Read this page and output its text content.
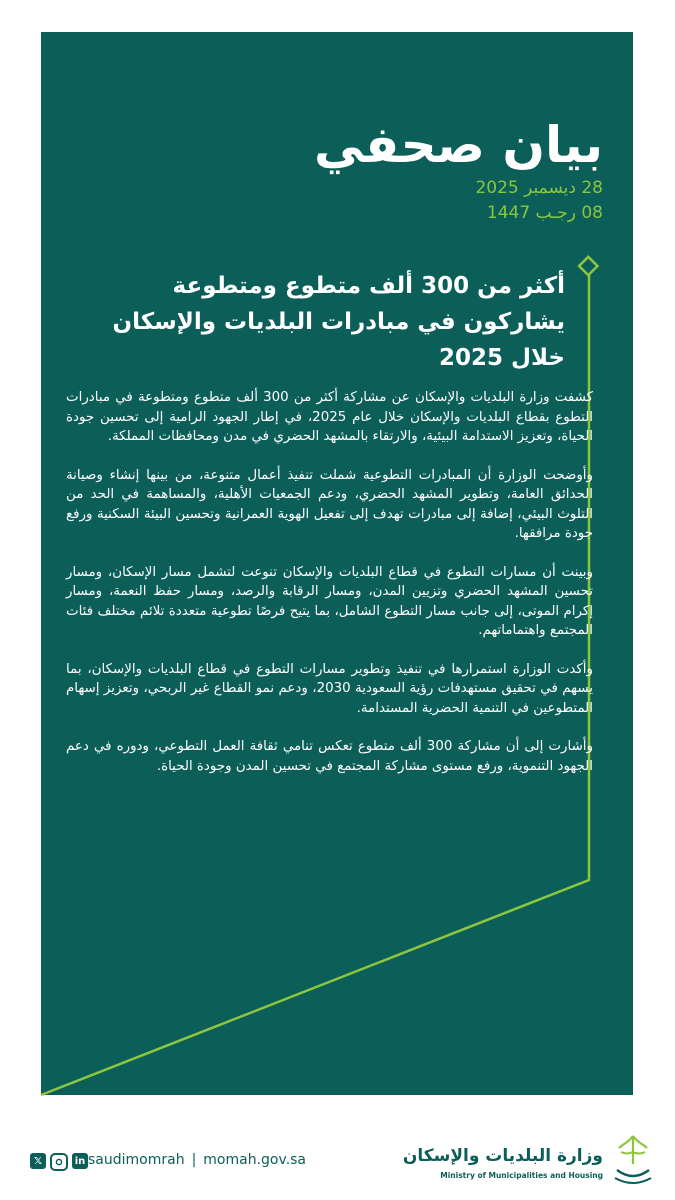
بيان صحفي

28 ديسمبر 2025

08 رجـب 1447

أكثر من 300 ألف متطوع ومتطوعة يشاركون في مبادرات البلديات والإسكان خلال 2025

كشفت وزارة البلديات والإسكان عن مشاركة أكثر من 300 ألف متطوع ومتطوعة في مبادرات التطوع بقطاع البلديات والإسكان خلال عام 2025، في إطار الجهود الرامية إلى تحسين جودة الحياة، وتعزيز الاستدامة البيئية، والارتقاء بالمشهد الحضري في مدن ومحافظات المملكة.

وأوضحت الوزارة أن المبادرات التطوعية شملت تنفيذ أعمال متنوعة، من بينها إنشاء وصيانة الحدائق العامة، وتطوير المشهد الحضري، ودعم الجمعيات الأهلية، والمساهمة في الحد من التلوث البيئي، إضافة إلى مبادرات تهدف إلى تفعيل الهوية العمرانية وتحسين البيئة السكنية ورفع جودة مرافقها.

وبينت أن مسارات التطوع في قطاع البلديات والإسكان تنوعت لتشمل مسار الإسكان، ومسار تحسين المشهد الحضري وتزيين المدن، ومسار الرقابة والرصد، ومسار حفظ النعمة، ومسار إكرام الموتى، إلى جانب مسار التطوع الشامل، بما يتيح فرصًا تطوعية متعددة تلائم مختلف فئات المجتمع واهتماماتهم.

وأكدت الوزارة استمرارها في تنفيذ وتطوير مسارات التطوع في قطاع البلديات والإسكان، بما يسهم في تحقيق مستهدفات رؤية السعودية 2030، ودعم نمو القطاع غير الربحي، وتعزيز إسهام المتطوعين في التنمية الحضرية المستدامة.

وأشارت إلى أن مشاركة 300 ألف متطوع تعكس تنامي ثقافة العمل التطوعي، ودوره في دعم الجهود التنموية، ورفع مستوى مشاركة المجتمع في تحسين المدن وجودة الحياة.

𝕏	in saudimomrah | momah.gov.sa	وزارة البلديات والإسكان

Ministry of Municipalities and Housing
